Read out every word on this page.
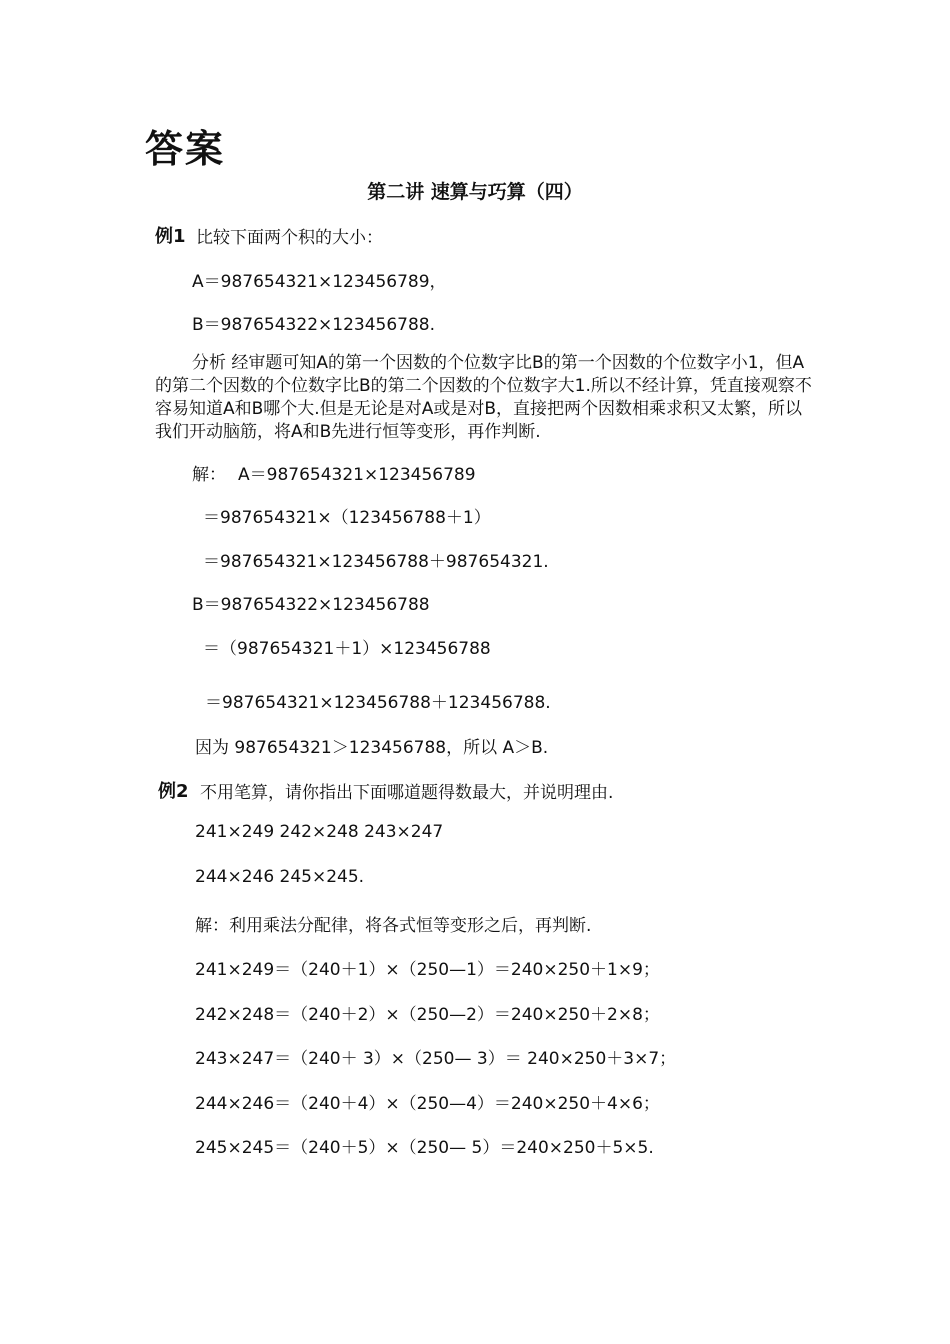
答案
第二讲 速算与巧算（四）
例1 比较下面两个积的大小：
A＝987654321×123456789，
B＝987654322×123456788.
分析 经审题可知A的第一个因数的个位数字比B的第一个因数的个位数字小1，但A的第二个因数的个位数字比B的第二个因数的个位数字大1.所以不经计算，凭直接观察不容易知道A和B哪个大.但是无论是对A或是对B，直接把两个因数相乘求积又太繁，所以我们开动脑筋，将A和B先进行恒等变形，再作判断.
解： A＝987654321×123456789
＝987654321×（123456788＋1）
＝987654321×123456788＋987654321.
B＝987654322×123456788
＝（987654321＋1）×123456788
＝987654321×123456788＋123456788.
因为 987654321＞123456788，所以 A＞B.
例2 不用笔算，请你指出下面哪道题得数最大，并说明理由.
241×249 242×248 243×247
244×246 245×245.
解：利用乘法分配律，将各式恒等变形之后，再判断.
241×249＝（240＋1）×（250—1）＝240×250＋1×9；
242×248＝（240＋2）×（250—2）＝240×250＋2×8；
243×247＝（240＋ 3）×（250— 3）＝ 240×250＋3×7；
244×246＝（240＋4）×（250—4）＝240×250＋4×6；
245×245＝（240＋5）×（250— 5）＝240×250＋5×5.
